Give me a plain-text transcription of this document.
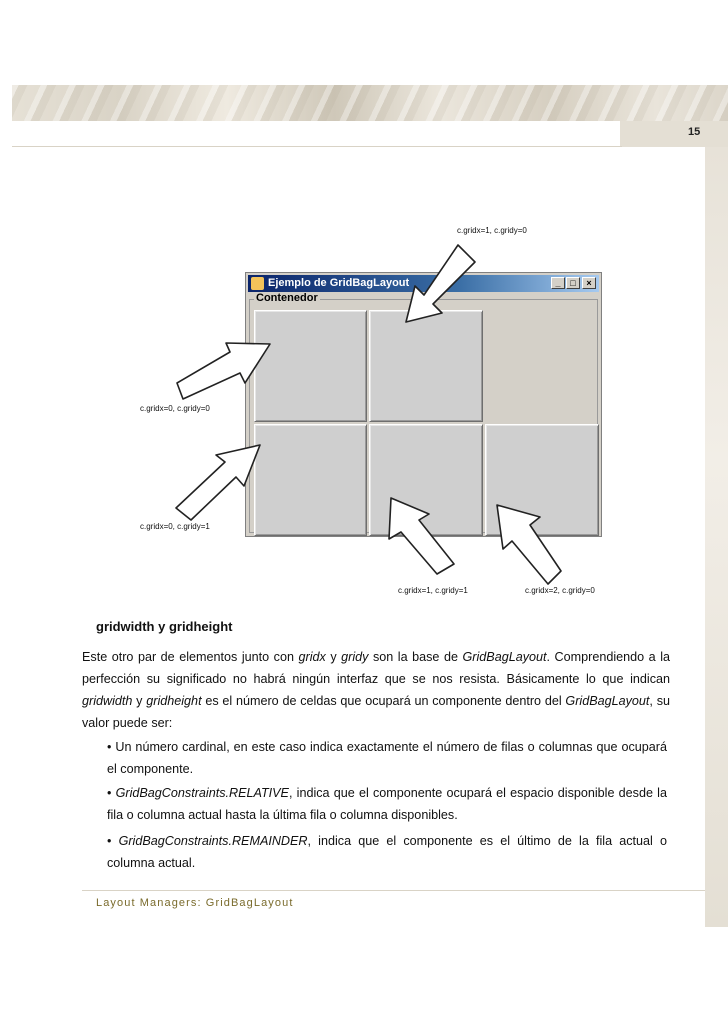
15
Ejemplo de GridBagLayout	_	□	×
Contenedor
c.gridx=1, c.gridy=0
c.gridx=0, c.gridy=0
c.gridx=0, c.gridy=1
c.gridx=1, c.gridy=1	c.gridx=2, c.gridy=0
gridwidth y gridheight

Este otro par de elementos junto con gridx y gridy son la base de GridBagLayout. Comprendiendo a la perfección su significado no habrá ningún interfaz que se nos resista. Básicamente lo que indican gridwidth y gridheight es el número de celdas que ocupará un componente dentro del GridBagLayout, su valor puede ser:

• Un número cardinal, en este caso indica exactamente el número de filas o columnas que ocupará el componente.

• GridBagConstraints.RELATIVE, indica que el componente ocupará el espacio disponible desde la fila o columna actual hasta la última fila o columna disponibles.

• GridBagConstraints.REMAINDER, indica que el componente es el último de la fila actual o columna actual.

Layout Managers: GridBagLayout
